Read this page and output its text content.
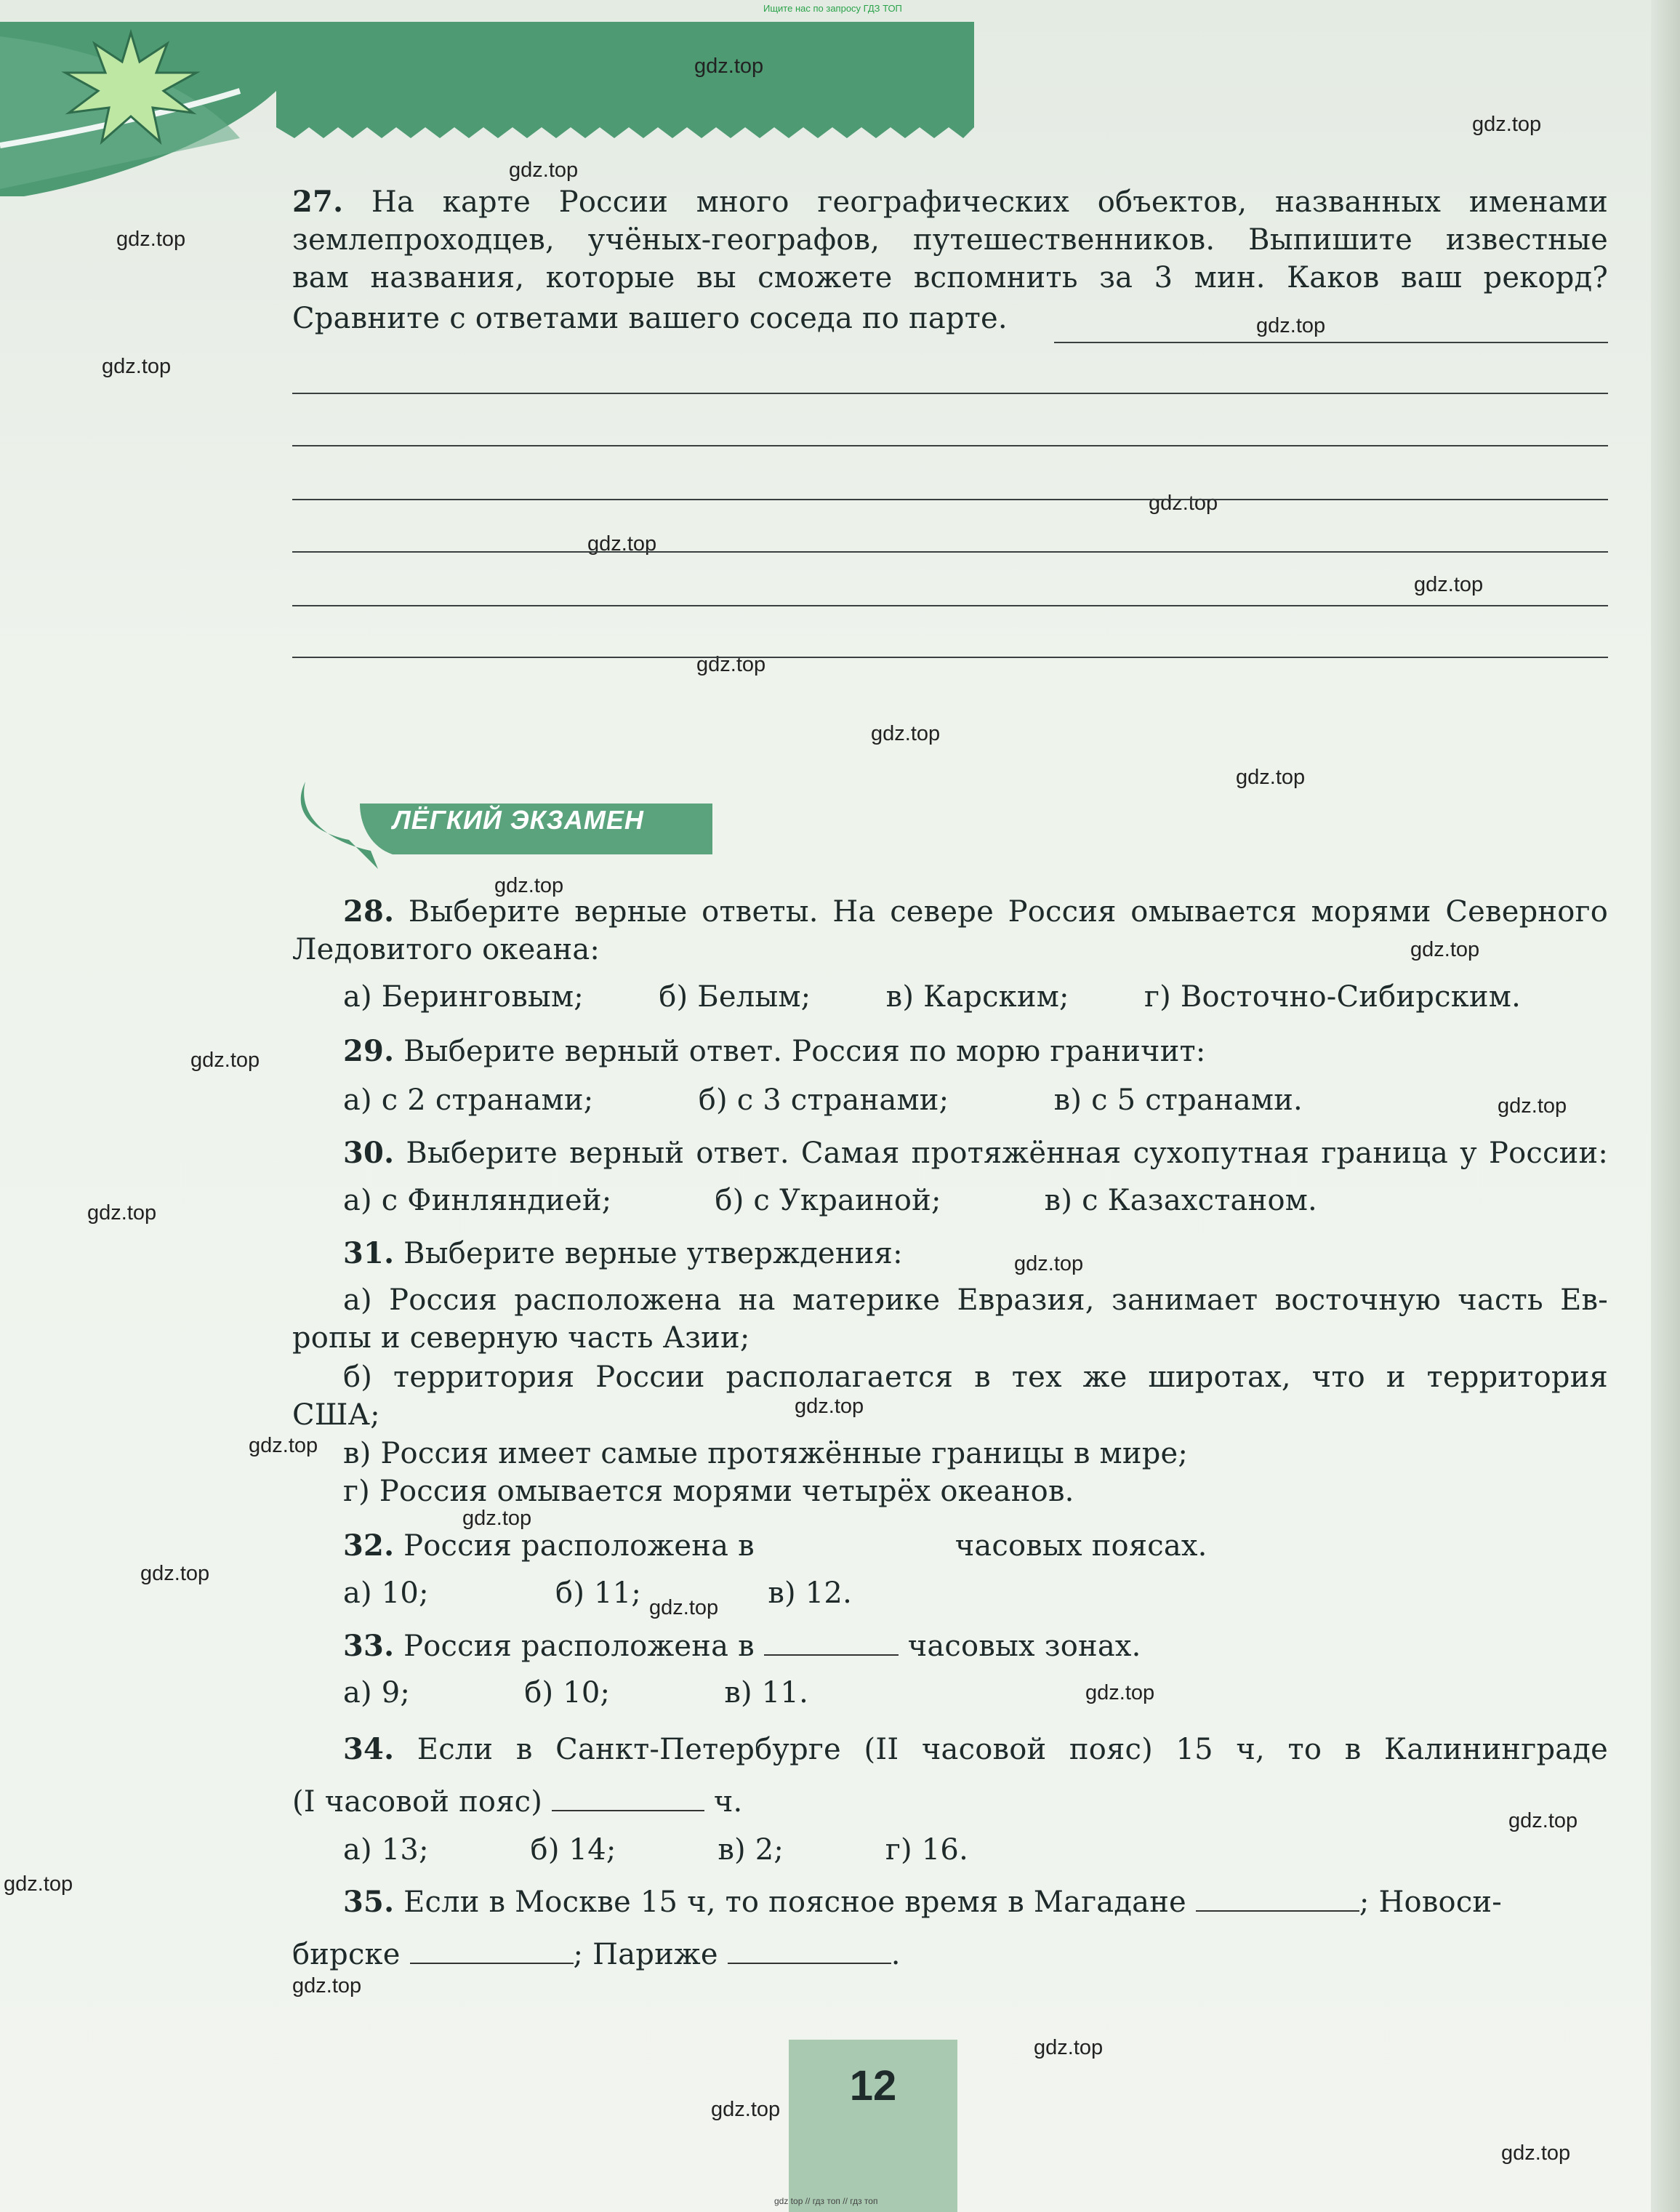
Ищите нас по запросу ГДЗ ТОП
gdz.top
gdz.top
gdz.top
gdz.top
gdz.top
gdz.top
gdz.top
gdz.top
gdz.top
gdz.top
gdz.top
gdz.top
gdz.top
gdz.top
gdz.top
gdz.top
gdz.top
gdz.top
gdz.top
gdz.top
gdz.top
gdz.top
gdz.top
gdz.top
gdz.top
gdz.top
gdz.top
gdz.top
gdz.top
gdz.top
27. На карте России много географических объектов, названных именами
землепроходцев, учёных-географов, путешественников. Выпишите известные
вам названия, которые вы сможете вспомнить за 3 мин. Каков ваш рекорд?
Сравните с ответами вашего соседа по парте.
ЛЁГКИЙ ЭКЗАМЕН
28. Выберите верные ответы. На севере Россия омывается морями Северного
Ледовитого океана:
а) Беринговым;	б) Белым;	в) Карским;	г) Восточно-Сибирским.
29. Выберите верный ответ. Россия по морю граничит:
а) с 2 странами;	б) с 3 странами;	в) с 5 странами.
30. Выберите верный ответ. Самая протяжённая сухопутная граница у России:
а) с Финляндией;	б) с Украиной;	в) с Казахстаном.
31. Выберите верные утверждения:
а) Россия расположена на материке Евразия, занимает восточную часть Ев-
ропы и северную часть Азии;
б) территория России располагается в тех же широтах, что и территория
США;
в) Россия имеет самые протяжённые границы в мире;
г) Россия омывается морями четырёх океанов.
32. Россия расположена в	часовых поясах.
а) 10;	б) 11;	в) 12.
33. Россия расположена в	часовых зонах.
а) 9;	б) 10;	в) 11.
34. Если в Санкт-Петербурге (II часовой пояс) 15 ч, то в Калининграде
(I часовой пояс)	ч.
а) 13;	б) 14;	в) 2;	г) 16.
35. Если в Москве 15 ч, то поясное время в Магадане	; Новоси-
бирске	; Париже	.
12
gdz top // гдз топ // гдз топ
